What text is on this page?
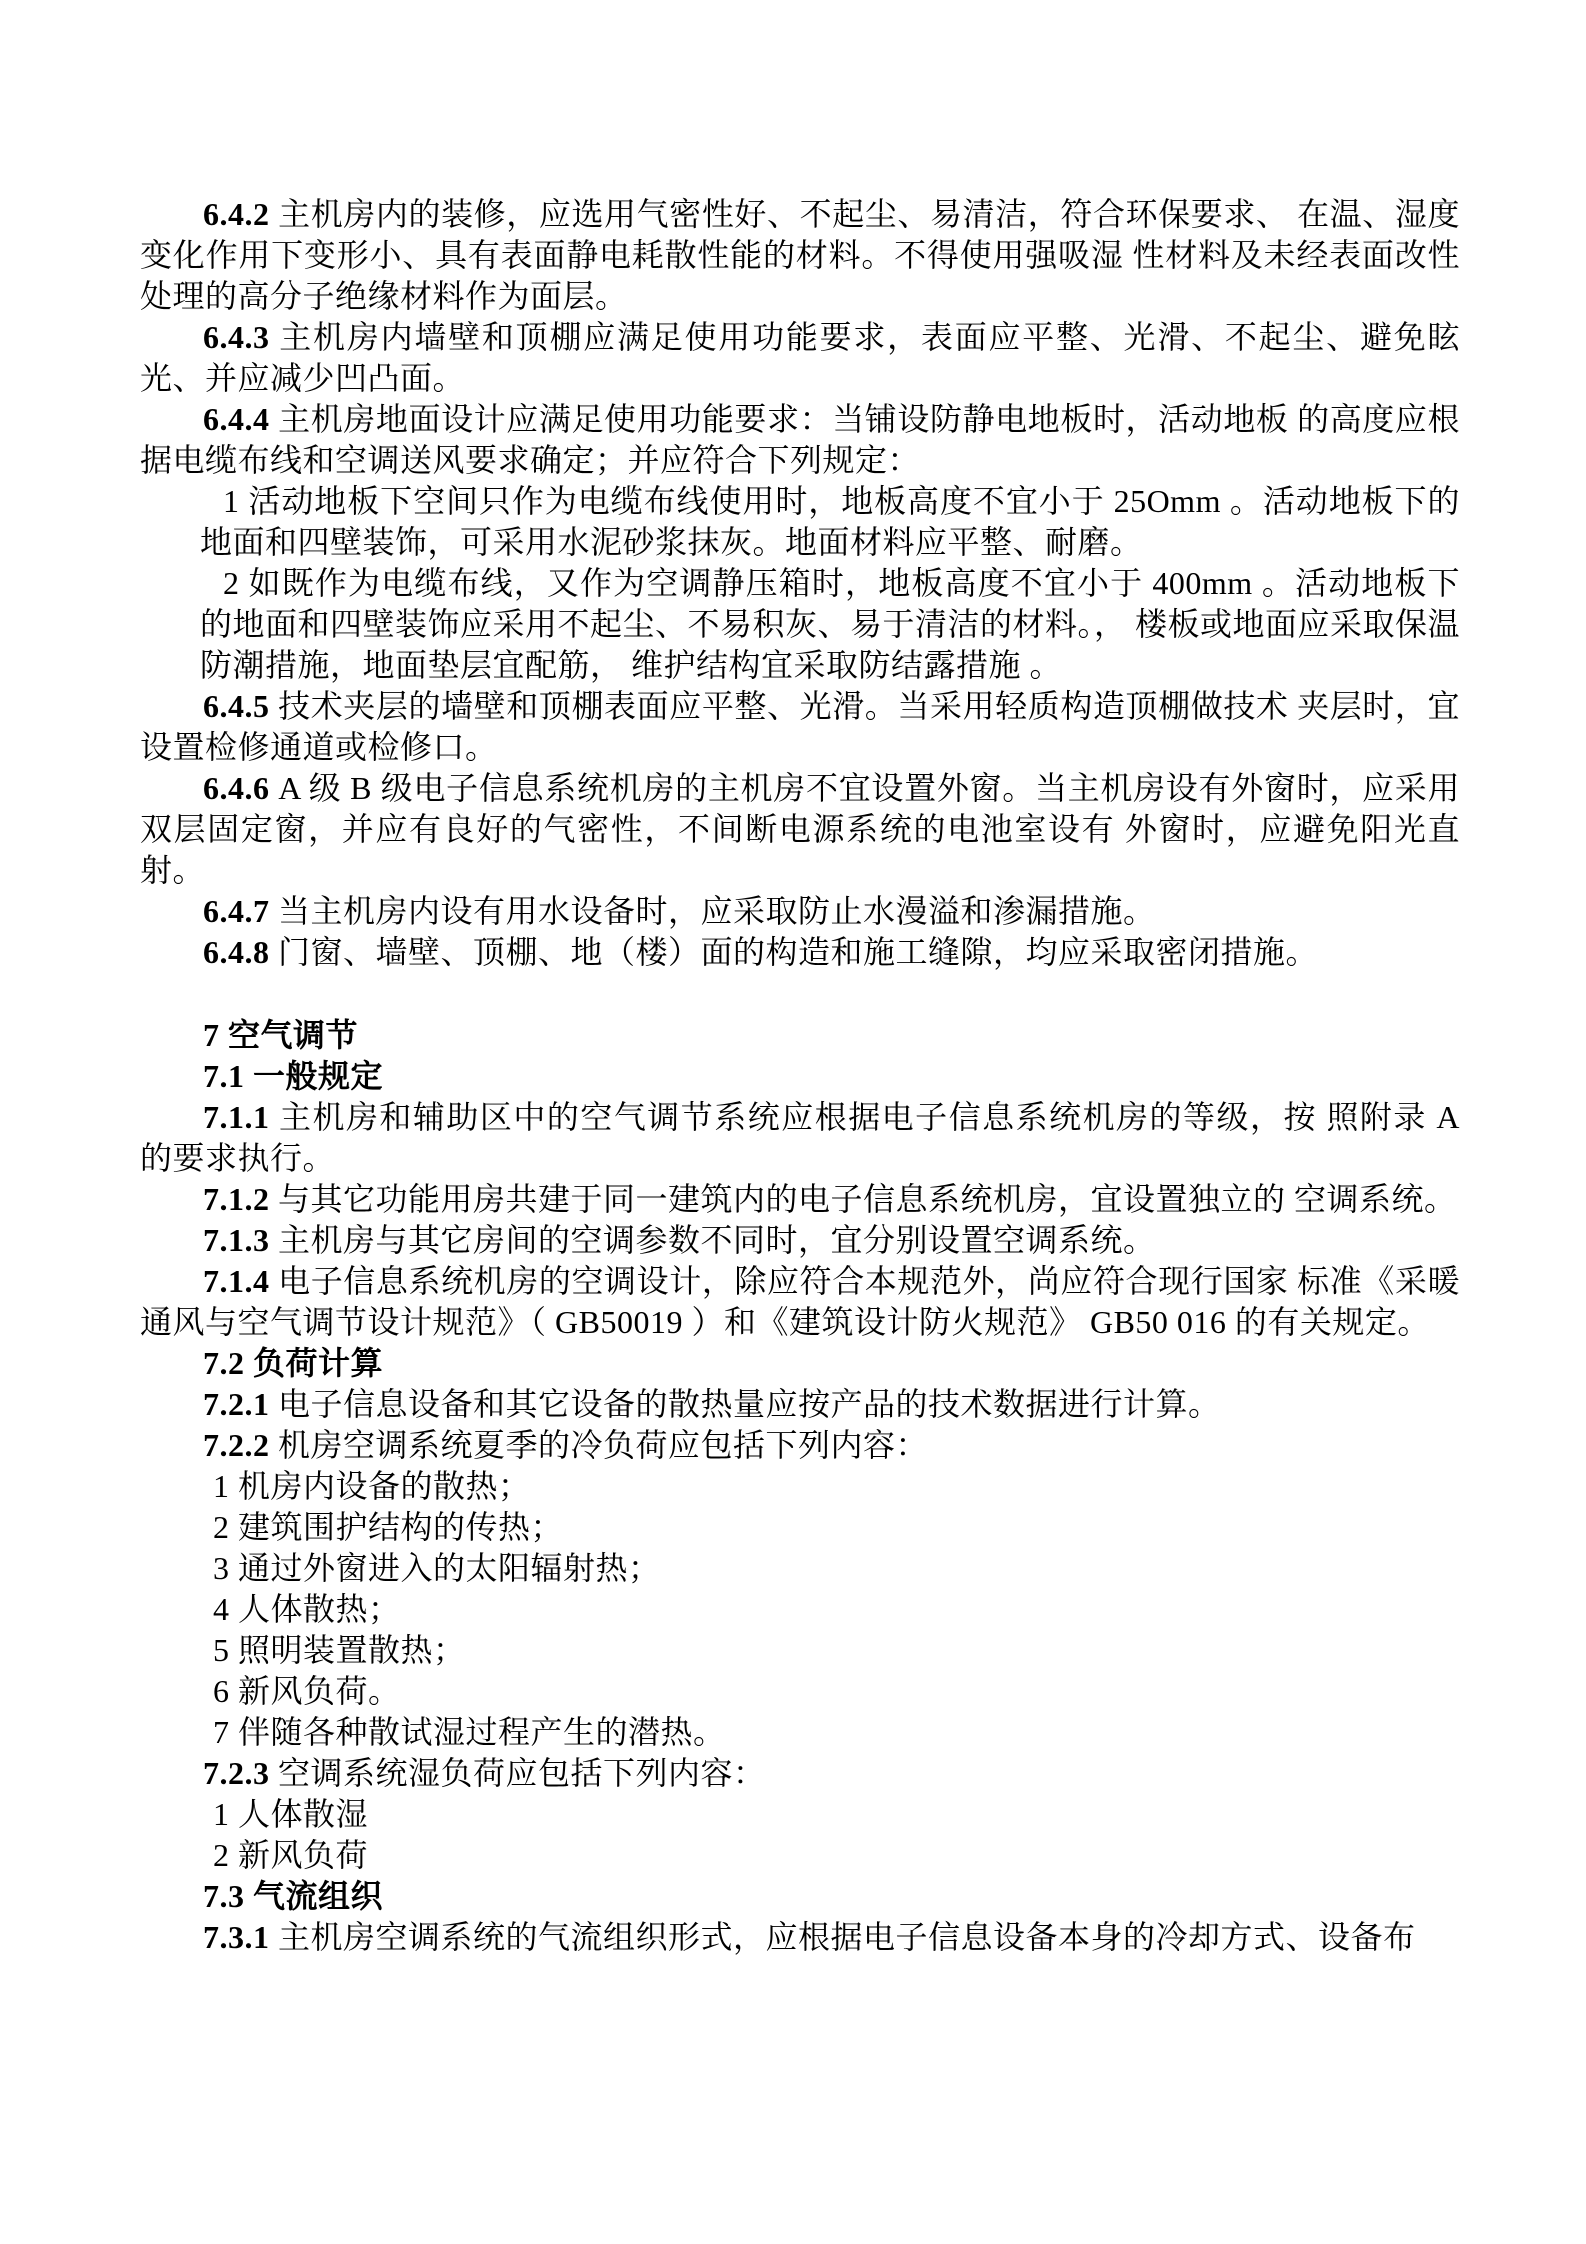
6.4.2 主机房内的装修，应选用气密性好、不起尘、易清洁，符合环保要求、 在温、湿度变化作用下变形小、具有表面静电耗散性能的材料。不得使用强吸湿 性材料及未经表面改性处理的高分子绝缘材料作为面层。

6.4.3 主机房内墙壁和顶棚应满足使用功能要求，表面应平整、光滑、不起尘、避免眩光、并应减少凹凸面。

6.4.4 主机房地面设计应满足使用功能要求：当铺设防静电地板时，活动地板 的高度应根据电缆布线和空调送风要求确定；并应符合下列规定：

1 活动地板下空间只作为电缆布线使用时，地板高度不宜小于 25Omm 。活动地板下的地面和四壁装饰，可采用水泥砂浆抹灰。地面材料应平整、耐磨。

2 如既作为电缆布线，又作为空调静压箱时，地板高度不宜小于 400mm 。活动地板下的地面和四壁装饰应采用不起尘、不易积灰、易于清洁的材料。， 楼板或地面应采取保温防潮措施，地面垫层宜配筋， 维护结构宜采取防结露措施 。

6.4.5 技术夹层的墙壁和顶棚表面应平整、光滑。当采用轻质构造顶棚做技术 夹层时，宜设置检修通道或检修口。

6.4.6 A 级 B 级电子信息系统机房的主机房不宜设置外窗。当主机房设有外窗时，应采用双层固定窗，并应有良好的气密性，不间断电源系统的电池室设有 外窗时，应避免阳光直射。

6.4.7 当主机房内设有用水设备时，应采取防止水漫溢和渗漏措施。

6.4.8 门窗、墙壁、顶棚、地（楼）面的构造和施工缝隙，均应采取密闭措施。

7 空气调节

7.1 一般规定

7.1.1 主机房和辅助区中的空气调节系统应根据电子信息系统机房的等级，按 照附录 A 的要求执行。

7.1.2 与其它功能用房共建于同一建筑内的电子信息系统机房，宜设置独立的 空调系统。

7.1.3 主机房与其它房间的空调参数不同时，宜分别设置空调系统。

7.1.4 电子信息系统机房的空调设计，除应符合本规范外，尚应符合现行国家 标准《采暖通风与空气调节设计规范》（ GB50019 ）和《建筑设计防火规范》 GB50 016 的有关规定。

7.2 负荷计算

7.2.1 电子信息设备和其它设备的散热量应按产品的技术数据进行计算。

7.2.2 机房空调系统夏季的冷负荷应包括下列内容：

1 机房内设备的散热；

2 建筑围护结构的传热；

3 通过外窗进入的太阳辐射热；

4 人体散热；

5 照明装置散热；

6 新风负荷。

7 伴随各种散试湿过程产生的潜热。

7.2.3 空调系统湿负荷应包括下列内容：

1 人体散湿

2 新风负荷

7.3 气流组织

7.3.1 主机房空调系统的气流组织形式，应根据电子信息设备本身的冷却方式、设备布
